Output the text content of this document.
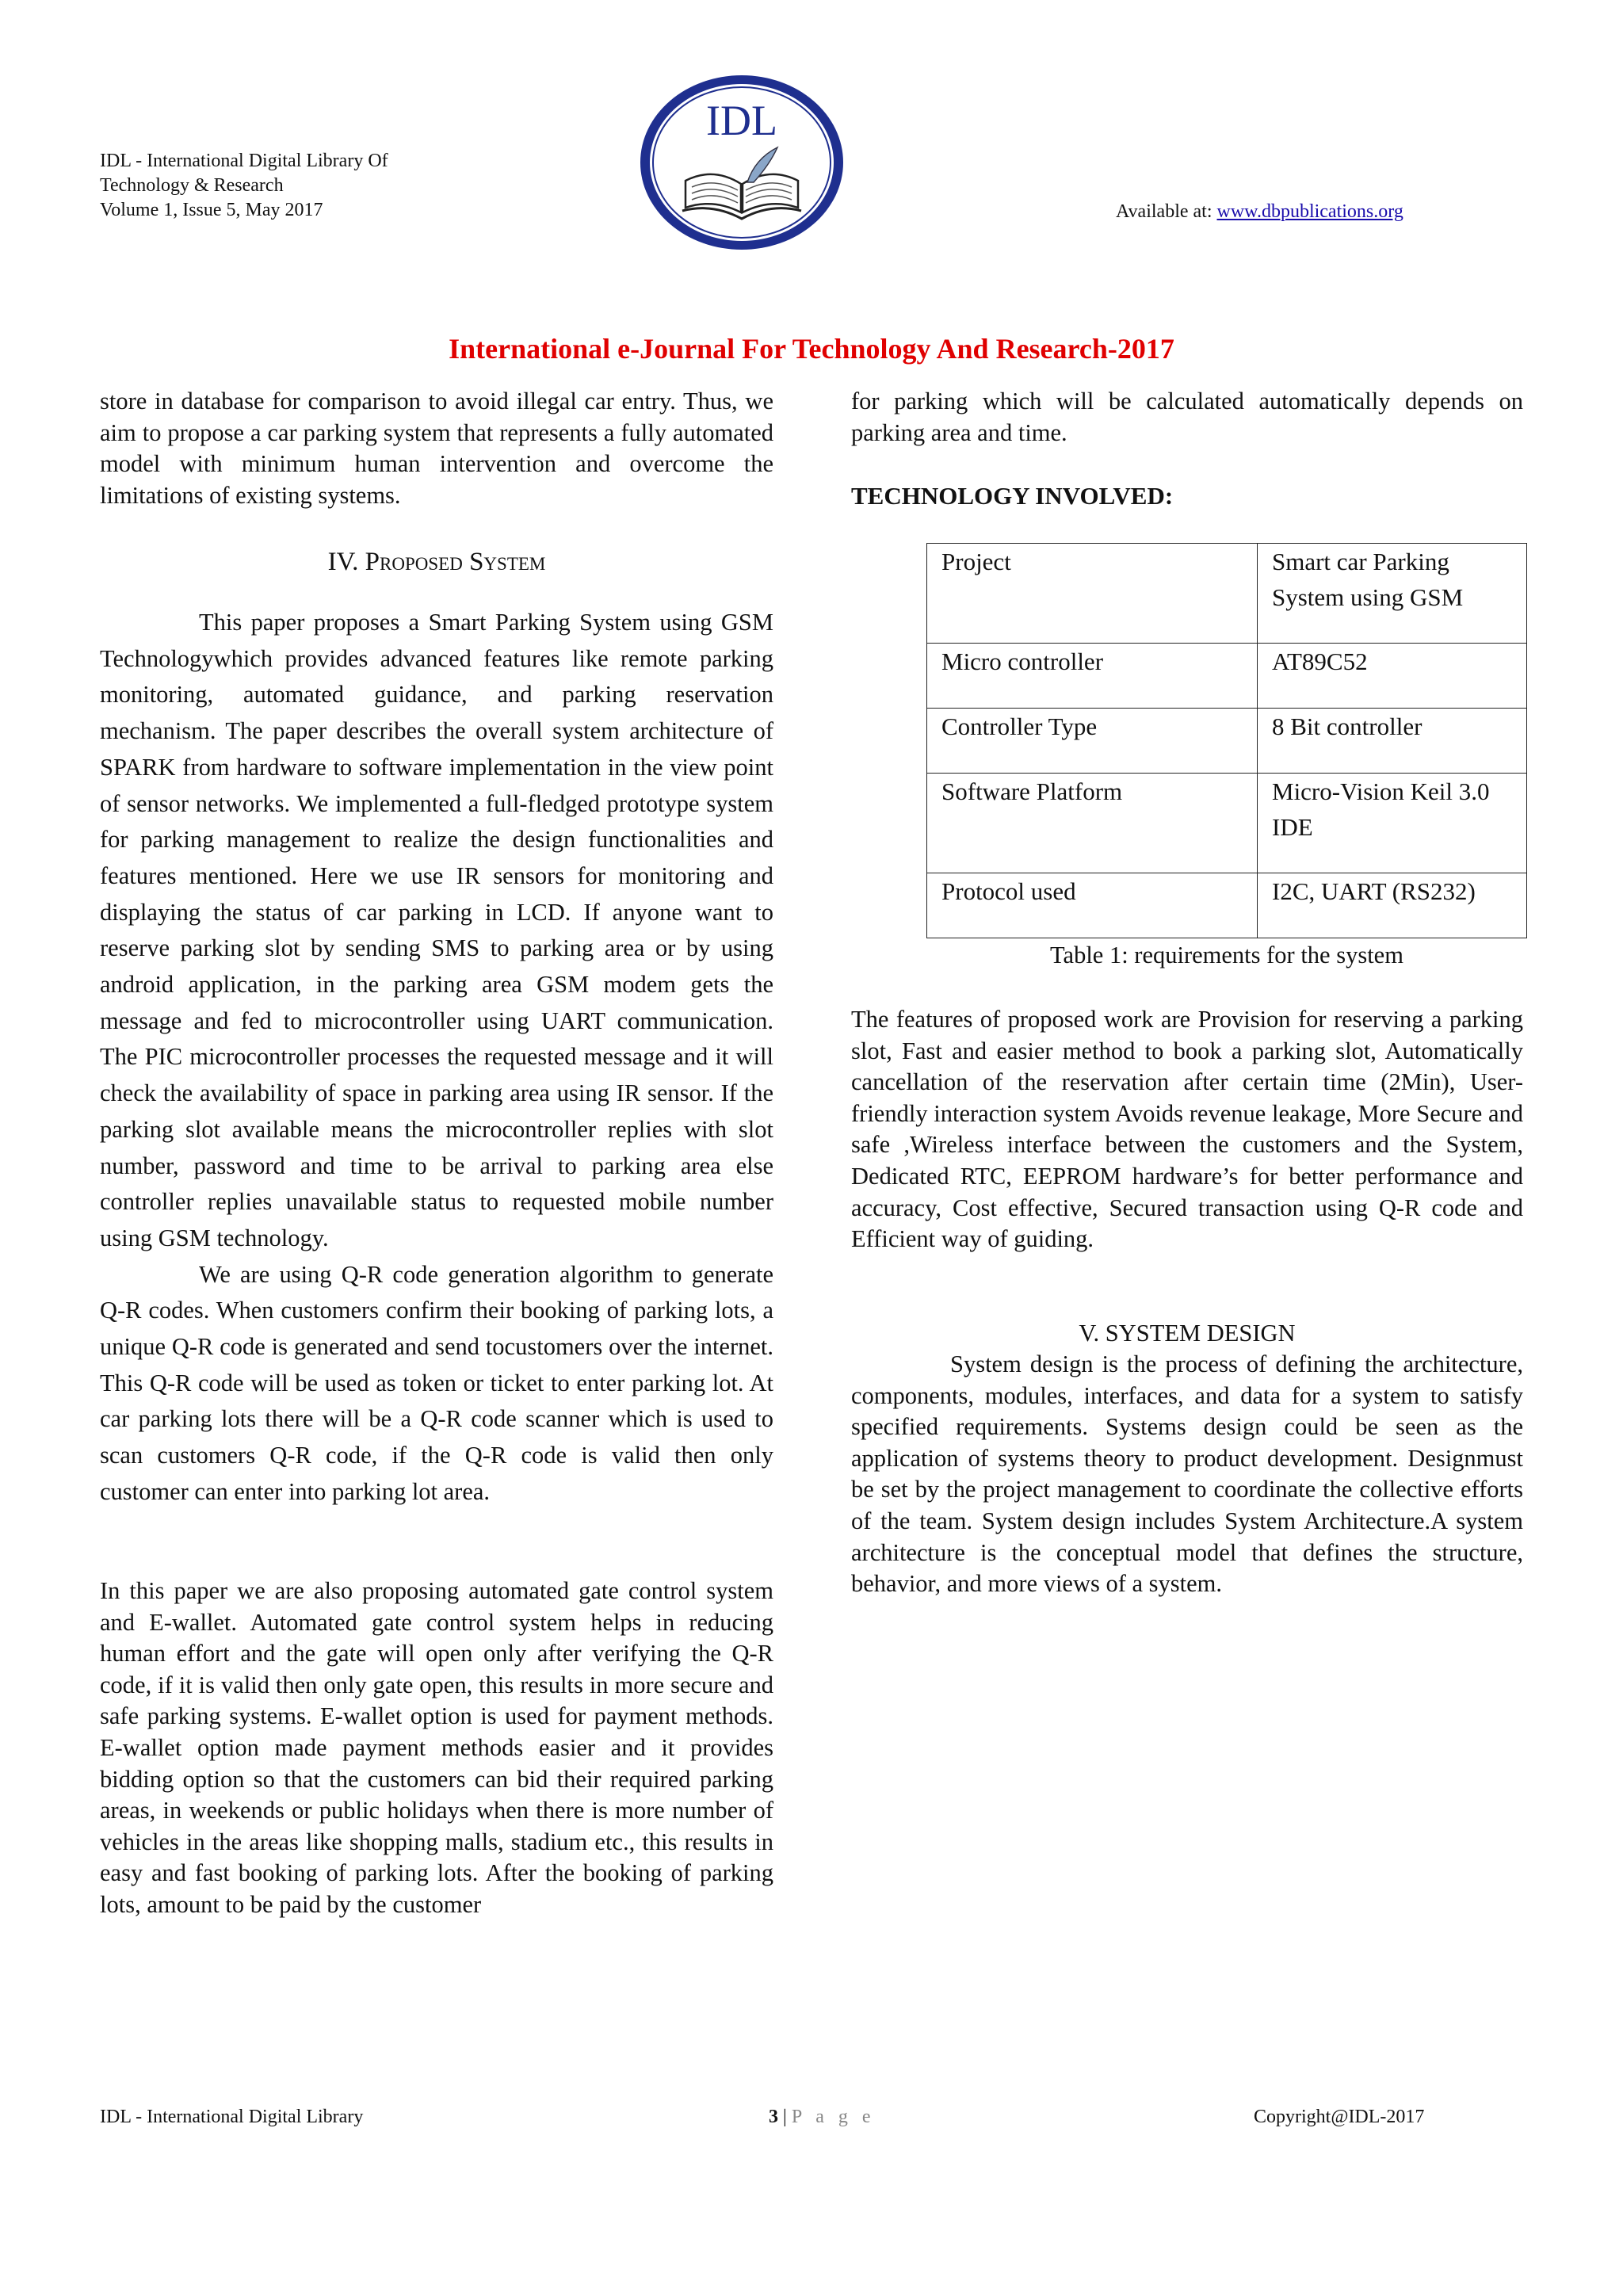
IDL - International Digital Library Of
Technology & Research
Volume 1, Issue 5, May 2017
IDL
Available at: www.dbpublications.org
International e-Journal For Technology And Research-2017

store in database for comparison to avoid illegal car entry. Thus, we aim to propose a car parking system that represents a fully automated model with minimum human intervention and overcome the limitations of existing systems.

IV. Proposed System

This paper proposes a Smart Parking System using GSM Technologywhich provides advanced features like remote parking monitoring, automated guidance, and parking reservation mechanism. The paper describes the overall system architecture of SPARK from hardware to software implementation in the view point of sensor networks. We implemented a full-fledged prototype system for parking management to realize the design functionalities and features mentioned. Here we use IR sensors for monitoring and displaying the status of car parking in LCD. If anyone want to reserve parking slot by sending SMS to parking area or by using android application, in the parking area GSM modem gets the message and fed to microcontroller using UART communication. The PIC microcontroller processes the requested message and it will check the availability of space in parking area using IR sensor. If the parking slot available means the microcontroller replies with slot number, password and time to be arrival to parking area else controller replies unavailable status to requested mobile number using GSM technology.

We are using Q-R code generation algorithm to generate Q-R codes. When customers confirm their booking of parking lots, a unique Q-R code is generated and send tocustomers over the internet. This Q-R code will be used as token or ticket to enter parking lot. At car parking lots there will be a Q-R code scanner which is used to scan customers Q-R code, if the Q-R code is valid then only customer can enter into parking lot area.

In this paper we are also proposing automated gate control system and E-wallet. Automated gate control system helps in reducing human effort and the gate will open only after verifying the Q-R code, if it is valid then only gate open, this results in more secure and safe parking systems. E-wallet option is used for payment methods. E-wallet option made payment methods easier and it provides bidding option so that the customers can bid their required parking areas, in weekends or public holidays when there is more number of vehicles in the areas like shopping malls, stadium etc., this results in easy and fast booking of parking lots. After the booking of parking lots, amount to be paid by the customer

for parking which will be calculated automatically depends on parking area and time.

TECHNOLOGY INVOLVED:
Project	Smart car Parking System using GSM
Micro controller	AT89C52
Controller Type	8 Bit controller
Software Platform	Micro-Vision Keil 3.0 IDE
Protocol used	I2C, UART (RS232)
Table 1: requirements for the system

The features of proposed work are Provision for reserving a parking slot, Fast and easier method to book a parking slot, Automatically cancellation of the reservation after certain time (2Min), User-friendly interaction system Avoids revenue leakage, More Secure and safe ,Wireless interface between the customers and the System, Dedicated RTC, EEPROM hardware’s for better performance and accuracy, Cost effective, Secured transaction using Q-R code and Efficient way of guiding.

V. SYSTEM DESIGN

System design is the process of defining the architecture, components, modules, interfaces, and data for a system to satisfy specified requirements. Systems design could be seen as the application of systems theory to product development. Designmust be set by the project management to coordinate the collective efforts of the team. System design includes System Architecture.A system architecture is the conceptual model that defines the structure, behavior, and more views of a system.

IDL - International Digital Library	3 | P a g e	Copyright@IDL-2017
